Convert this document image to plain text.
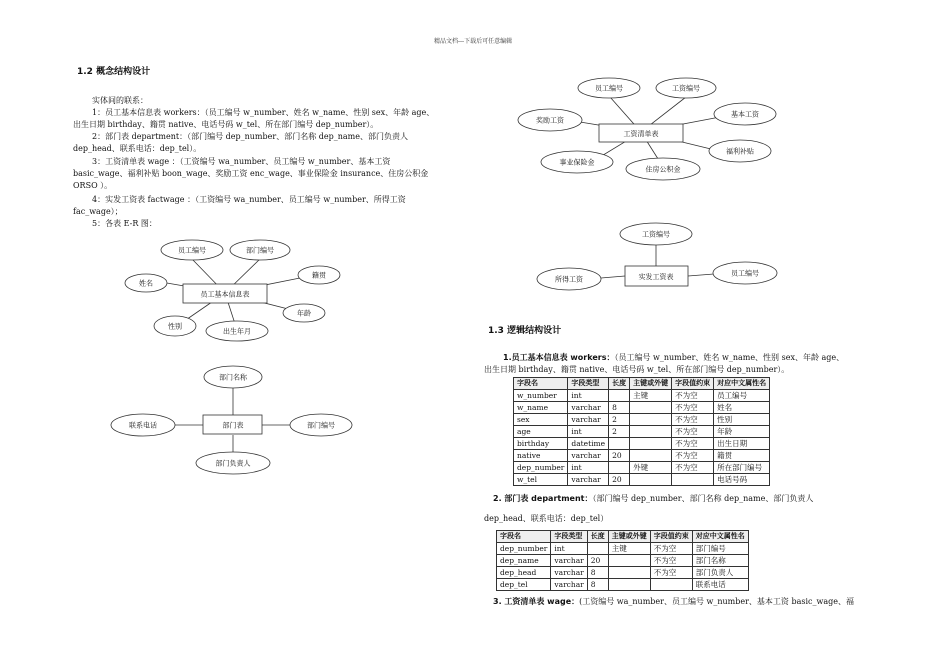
精品文档---下载后可任意编辑
1.2 概念结构设计
实体间的联系：
1：员工基本信息表 workers：（员工编号 w_number、姓名 w_name、性别 sex、年龄 age、
出生日期 birthday、籍贯 native、电话号码 w_tel、所在部门编号 dep_number）。
2：部门表 department：（部门编号 dep_number、部门名称 dep_name、部门负责人
dep_head、联系电话：dep_tel）。
3：工资清单表 wage ：（工资编号 wa_number、员工编号 w_number、基本工资
basic_wage、福利补贴 boon_wage、奖励工资 enc_wage、事业保险金 insurance、住房公积金
ORSO ）。
4：实发工资表 factwage ：（工资编号 wa_number、员工编号 w_number、所得工资
fac_wage）；
5：各表 E-R 图：
员工基本信息表
员工编号	部门编号
籍贯
姓名
年龄
性别
出生年月
部门表
部门名称
联系电话	部门编号
部门负责人
工资清单表
员工编号	工资编号
奖励工资
基本工资
福利补贴
事业保险金
住房公积金
实发工资表
工资编号
所得工资
员工编号
1.3 逻辑结构设计
1.员工基本信息表 workers：（员工编号 w_number、姓名 w_name、性别 sex、年龄 age、
出生日期 birthday、籍贯 native、电话号码 w_tel、所在部门编号 dep_number）。
字段名	字段类型	长度	主键或外键	字段值约束	对应中文属性名
w_number	int		主键	不为空	员工编号
w_name	varchar	8		不为空	姓名
sex	varchar	2		不为空	性别
age	int	2		不为空	年龄
birthday	datetime			不为空	出生日期
native	varchar	20		不为空	籍贯
dep_number	int		外键	不为空	所在部门编号
w_tel	varchar	20			电话号码
2. 部门表 department：（部门编号 dep_number、部门名称 dep_name、部门负责人
dep_head、联系电话：dep_tel）
字段名	字段类型	长度	主键或外键	字段值约束	对应中文属性名
dep_number	int		主键	不为空	部门编号
dep_name	varchar	20		不为空	部门名称
dep_head	varchar	8		不为空	部门负责人
dep_tel	varchar	8			联系电话
3. 工资清单表 wage：(工资编号 wa_number、员工编号 w_number、基本工资 basic_wage、福
